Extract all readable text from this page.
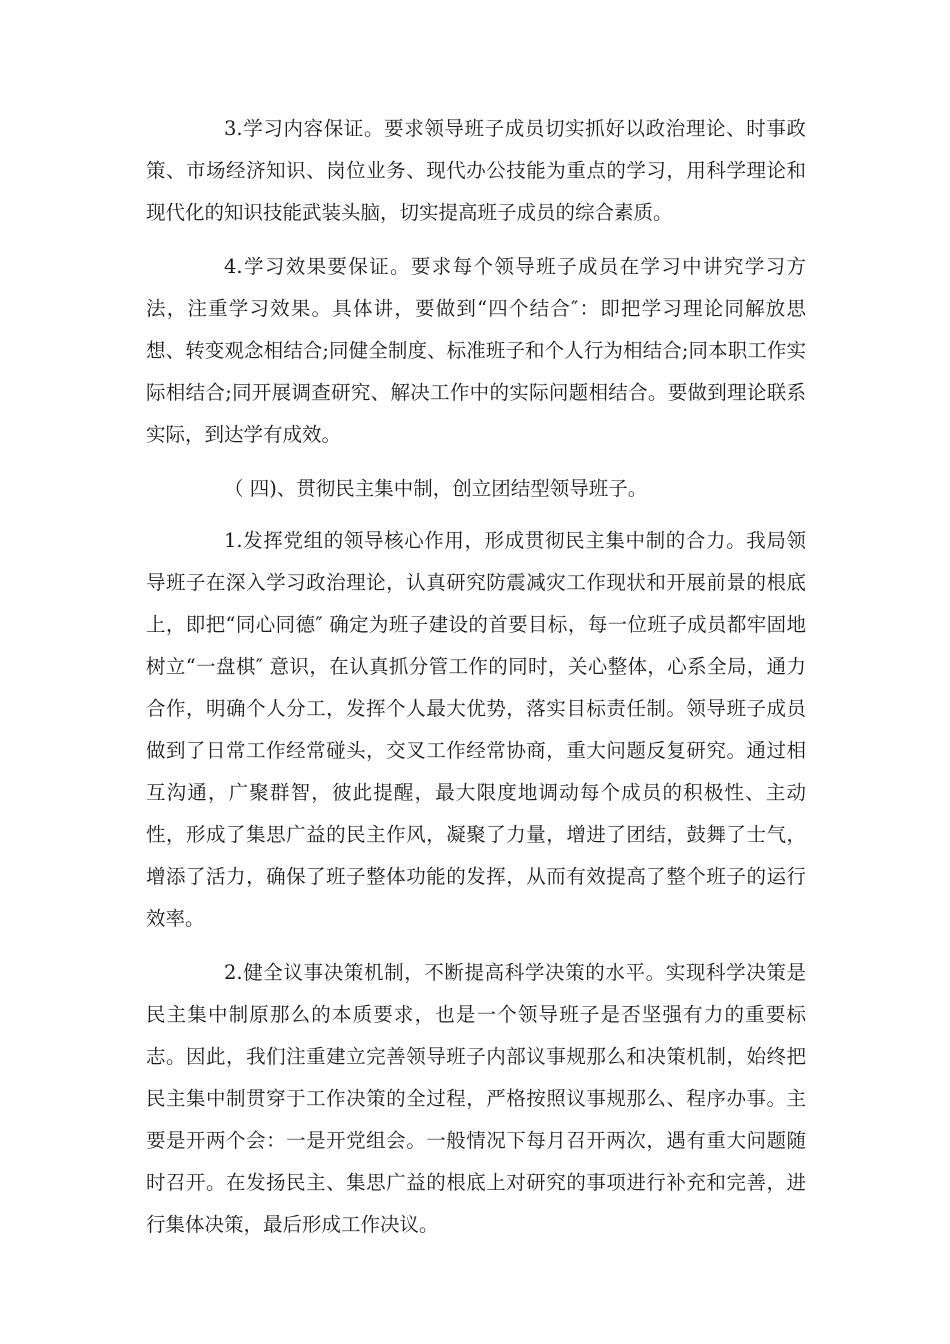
3.学习内容保证。要求领导班子成员切实抓好以政治理论、时事政策、市场经济知识、岗位业务、现代办公技能为重点的学习，用科学理论和现代化的知识技能武装头脑，切实提高班子成员的综合素质。

4.学习效果要保证。要求每个领导班子成员在学习中讲究学习方法，注重学习效果。具体讲，要做到“四个结合″：即把学习理论同解放思想、转变观念相结合;同健全制度、标准班子和个人行为相结合;同本职工作实际相结合;同开展调查研究、解决工作中的实际问题相结合。要做到理论联系实际，到达学有成效。

（ 四)、贯彻民主集中制，创立团结型领导班子。

1.发挥党组的领导核心作用，形成贯彻民主集中制的合力。我局领导班子在深入学习政治理论，认真研究防震减灾工作现状和开展前景的根底上，即把“同心同德″ 确定为班子建设的首要目标，每一位班子成员都牢固地树立“一盘棋″ 意识，在认真抓分管工作的同时，关心整体，心系全局，通力合作，明确个人分工，发挥个人最大优势，落实目标责任制。领导班子成员做到了日常工作经常碰头，交叉工作经常协商，重大问题反复研究。通过相互沟通，广聚群智，彼此提醒，最大限度地调动每个成员的积极性、主动性，形成了集思广益的民主作风，凝聚了力量，增进了团结，鼓舞了士气，增添了活力，确保了班子整体功能的发挥，从而有效提高了整个班子的运行效率。

2.健全议事决策机制，不断提高科学决策的水平。实现科学决策是民主集中制原那么的本质要求，也是一个领导班子是否坚强有力的重要标志。因此，我们注重建立完善领导班子内部议事规那么和决策机制，始终把民主集中制贯穿于工作决策的全过程，严格按照议事规那么、程序办事。主要是开两个会：一是开党组会。一般情况下每月召开两次，遇有重大问题随时召开。在发扬民主、集思广益的根底上对研究的事项进行补充和完善，进行集体决策，最后形成工作决议。
